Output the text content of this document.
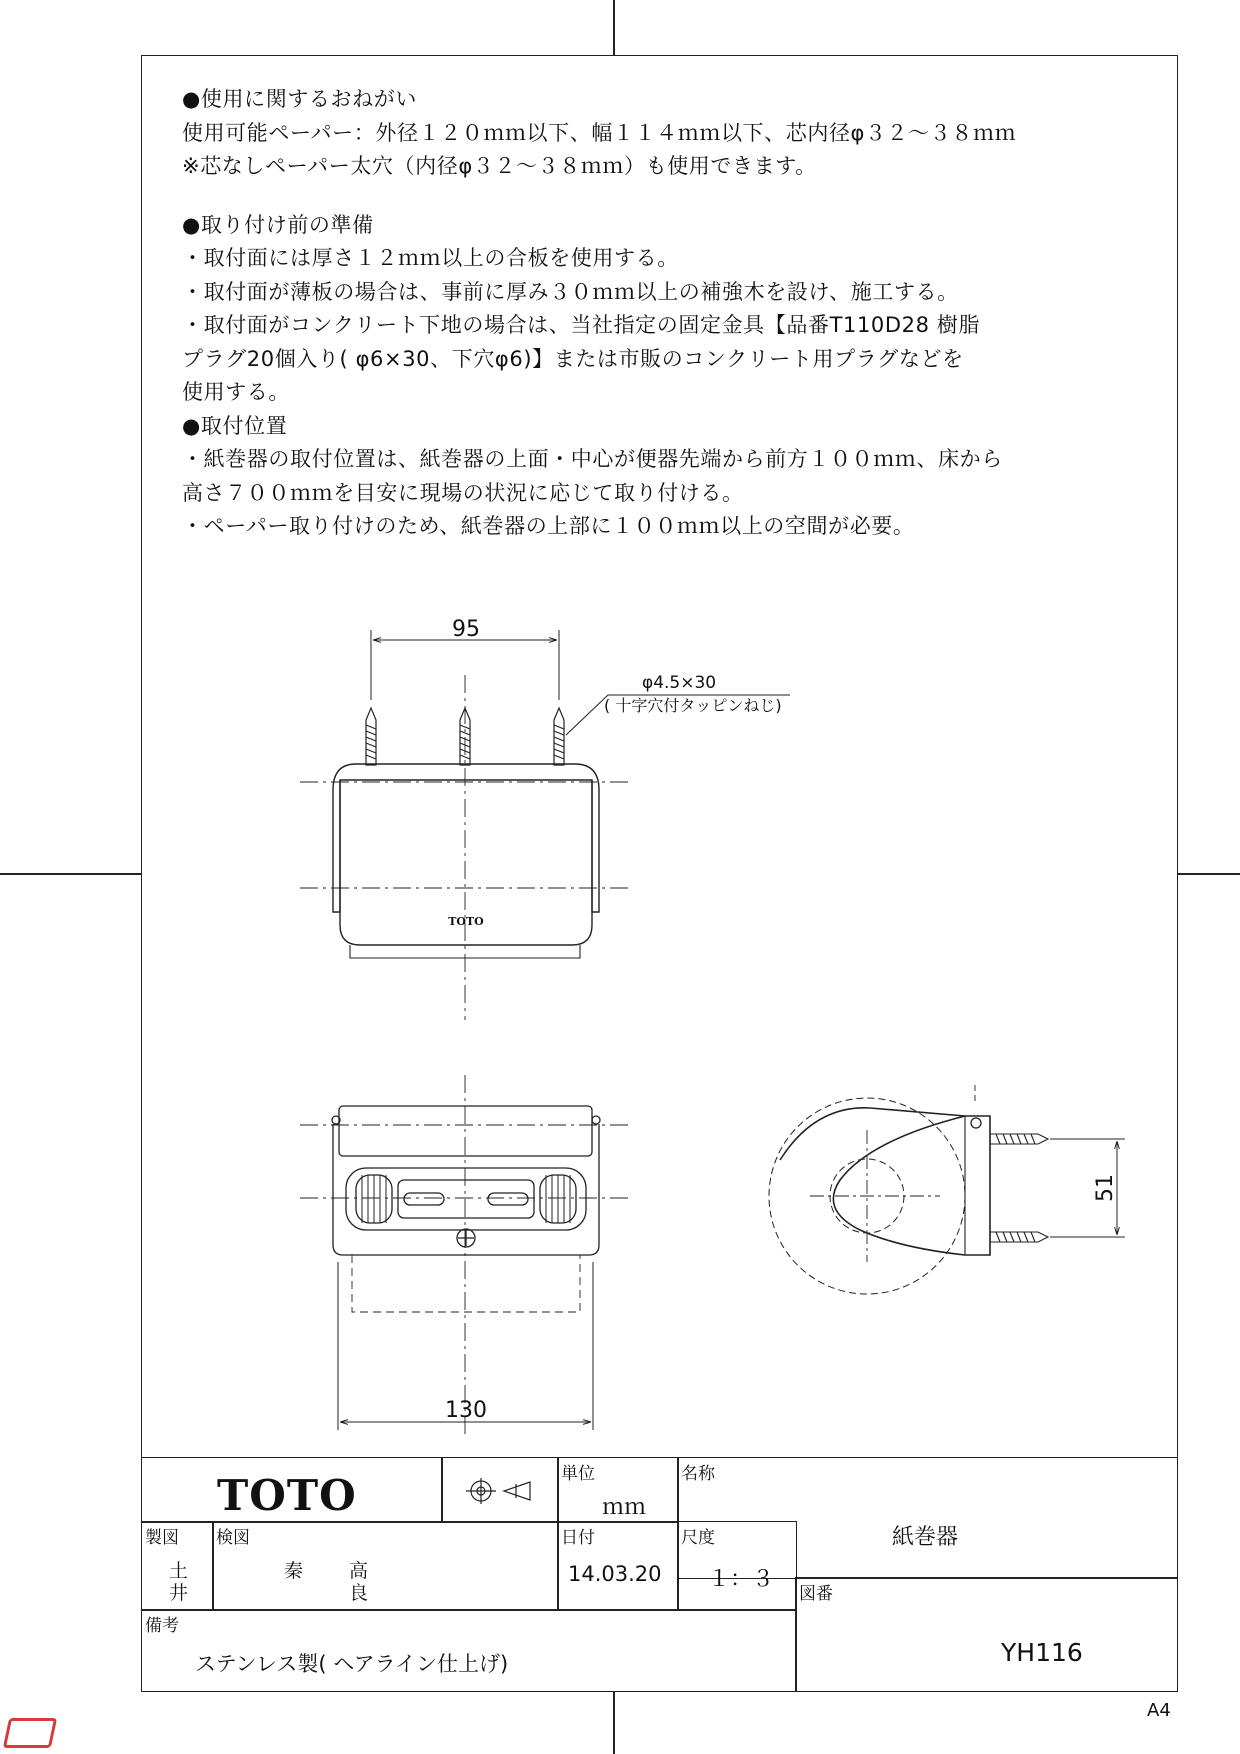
●使用に関するおねがい
使用可能ペーパー：外径１２０ｍｍ以下、幅１１４ｍｍ以下、芯内径φ３２～３８ｍｍ
※芯なしペーパー太穴（内径φ３２～３８ｍｍ）も使用できます。
●取り付け前の準備
・取付面には厚さ１２ｍｍ以上の合板を使用する。
・取付面が薄板の場合は、事前に厚み３０ｍｍ以上の補強木を設け、施工する。
・取付面がコンクリート下地の場合は、当社指定の固定金具【品番T110D28 樹脂
プラグ20個入り( φ6×30、下穴φ6)】または市販のコンクリート用プラグなどを
使用する。
●取付位置
・紙巻器の取付位置は、紙巻器の上面・中心が便器先端から前方１００ｍｍ、床から
高さ７００ｍｍを目安に現場の状況に応じて取り付ける。
・ペーパー取り付けのため、紙巻器の上部に１００ｍｍ以上の空間が必要。
95
φ4.5×30
( 十字穴付タッピンねじ)
TOTO
130
51
TOTO	単位
ｍｍ
名称
紙巻器
製図
土
井
検図
秦 高
良
日付
14.03.20
尺度
１：３
図番
YH116
備考
ステンレス製( ヘアライン仕上げ)
A4
